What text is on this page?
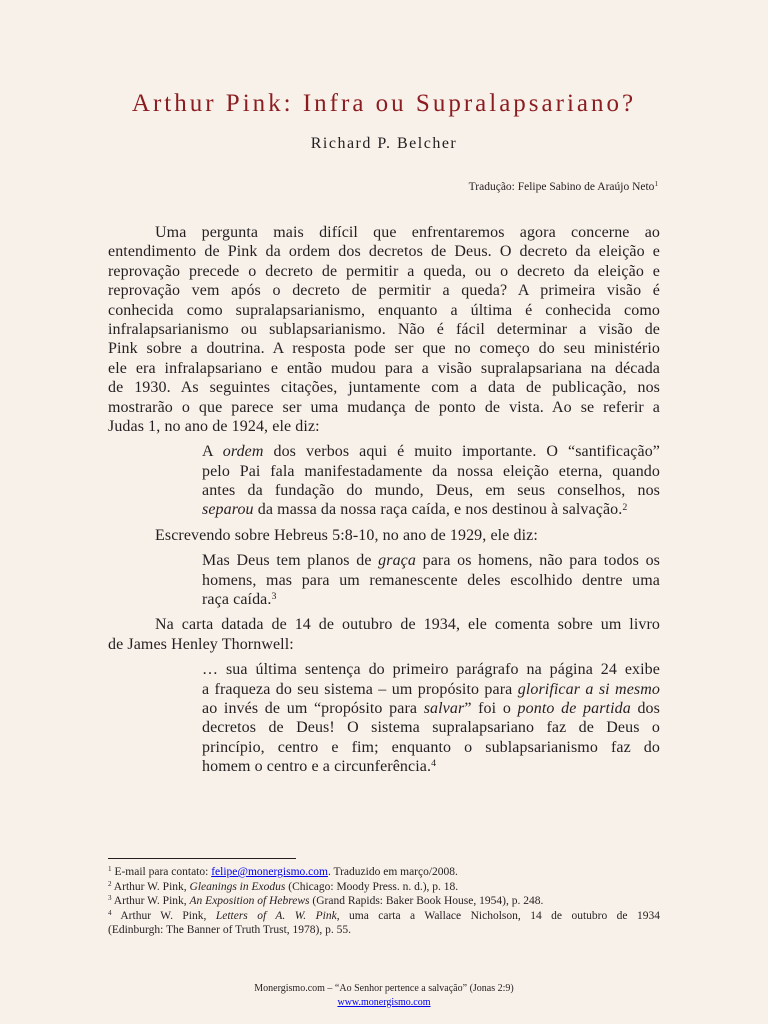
Arthur Pink: Infra ou Supralapsariano?
Richard P. Belcher
Tradução: Felipe Sabino de Araújo Neto$^1$
Uma pergunta mais difícil que enfrentaremos agora concerne ao
entendimento de Pink da ordem dos decretos de Deus. O decreto da eleição e
reprovação precede o decreto de permitir a queda, ou o decreto da eleição e
reprovação vem após o decreto de permitir a queda? A primeira visão é
conhecida como supralapsarianismo, enquanto a última é conhecida como
infralapsarianismo ou sublapsarianismo. Não é fácil determinar a visão de
Pink sobre a doutrina. A resposta pode ser que no começo do seu ministério
ele era infralapsariano e então mudou para a visão supralapsariana na década
de 1930. As seguintes citações, juntamente com a data de publicação, nos
mostrarão o que parece ser uma mudança de ponto de vista. Ao se referir a
Judas 1, no ano de 1924, ele diz:
A ordem dos verbos aqui é muito importante. O “santificação”
pelo Pai fala manifestadamente da nossa eleição eterna, quando
antes da fundação do mundo, Deus, em seus conselhos, nos
separou da massa da nossa raça caída, e nos destinou à salvação.$^2$
Escrevendo sobre Hebreus 5:8-10, no ano de 1929, ele diz:
Mas Deus tem planos de graça para os homens, não para todos os
homens, mas para um remanescente deles escolhido dentre uma
raça caída.$^3$
Na carta datada de 14 de outubro de 1934, ele comenta sobre um livro
de James Henley Thornwell:
… sua última sentença do primeiro parágrafo na página 24 exibe
a fraqueza do seu sistema – um propósito para glorificar a si mesmo
ao invés de um “propósito para salvar” foi o ponto de partida dos
decretos de Deus! O sistema supralapsariano faz de Deus o
princípio, centro e fim; enquanto o sublapsarianismo faz do
homem o centro e a circunferência.$^4$
$^1$ E-mail para contato: felipe@monergismo.com. Traduzido em março/2008.
$^2$ Arthur W. Pink, Gleanings in Exodus (Chicago: Moody Press. n. d.), p. 18.
$^3$ Arthur W. Pink, An Exposition of Hebrews (Grand Rapids: Baker Book House, 1954), p. 248.
$^4$ Arthur W. Pink, Letters of A. W. Pink, uma carta a Wallace Nicholson, 14 de outubro de 1934
(Edinburgh: The Banner of Truth Trust, 1978), p. 55.
Monergismo.com – “Ao Senhor pertence a salvação” (Jonas 2:9)
www.monergismo.com
